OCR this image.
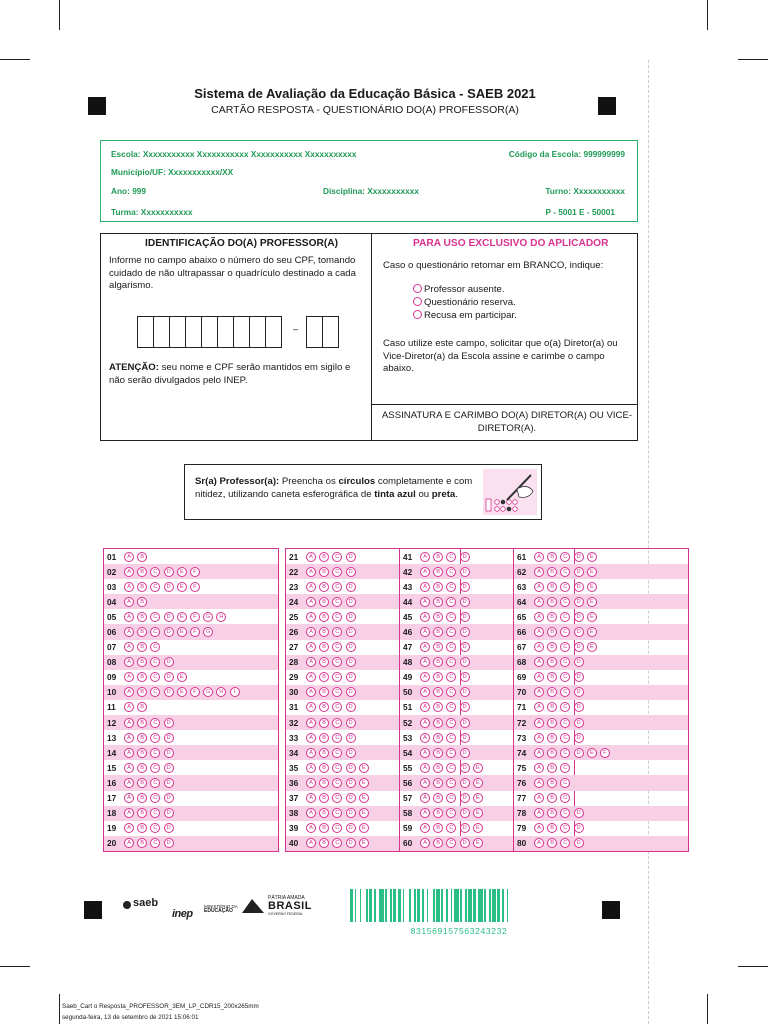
Sistema de Avaliação da Educação Básica - SAEB 2021
CARTÃO RESPOSTA - QUESTIONÁRIO DO(A) PROFESSOR(A)
Escola: Xxxxxxxxxxx Xxxxxxxxxxx Xxxxxxxxxxx Xxxxxxxxxxx	Código da Escola: 999999999
Município/UF: Xxxxxxxxxxx/XX
Ano: 999	Disciplina: Xxxxxxxxxxx	Turno: Xxxxxxxxxxx
Turma: Xxxxxxxxxxx	P - 5001 E - 50001
IDENTIFICAÇÃO DO(A) PROFESSOR(A)
Informe no campo abaixo o número do seu CPF, tomando cuidado de não ultrapassar o quadrículo destinado a cada algarismo.
–
ATENÇÃO: seu nome e CPF serão mantidos em sigilo e não serão divulgados pelo INEP.
PARA USO EXCLUSIVO DO APLICADOR
Caso o questionário retornar em BRANCO, indique:
Professor ausente.
Questionário reserva.
Recusa em participar.
Caso utilize este campo, solicitar que o(a) Diretor(a) ou Vice-Diretor(a) da Escola assine e carimbe o campo abaixo.
ASSINATURA E CARIMBO DO(A) DIRETOR(A) OU VICE-DIRETOR(A).
Sr(a) Professor(a): Preencha os círculos completamente e com nitidez, utilizando caneta esferográfica de tinta azul ou preta.
01	A	B
02	A	B	C	D	E	F
03	A	B	C	D	E	F
04	A	B
05	A	B	C	D	E	F	G	H
06	A	B	C	D	E	F	G
07	A	B	C
08	A	B	C	D
09	A	B	C	D	E
10	A	B	C	D	E	F	G	H	I
11	A	B
12	A	B	C	D
13	A	B	C	D
14	A	B	C	D
15	A	B	C	D
16	A	B	C	D
17	A	B	C	D
18	A	B	C	D
19	A	B	C	D
20	A	B	C	D
21	A	B	C	D
22	A	B	C	D
23	A	B	C	D
24	A	B	C	D
25	A	B	C	D
26	A	B	C	D
27	A	B	C	D
28	A	B	C	D
29	A	B	C	D
30	A	B	C	D
31	A	B	C	D
32	A	B	C	D
33	A	B	C	D
34	A	B	C	D
35	A	B	C	D	E
36	A	B	C	D	E
37	A	B	C	D	E
38	A	B	C	D	E
39	A	B	C	D	E
40	A	B	C	D	E
41	A	B	C	D
42	A	B	C	D
43	A	B	C	D
44	A	B	C	D
45	A	B	C	D
46	A	B	C	D
47	A	B	C	D
48	A	B	C	D
49	A	B	C	D
50	A	B	C	D
51	A	B	C	D
52	A	B	C	D
53	A	B	C	D
54	A	B	C	D
55	A	B	C	D	E
56	A	B	C	D	E
57	A	B	C	D	E
58	A	B	C	D	E
59	A	B	C	D	E
60	A	B	C	D	E
61	A	B	C	D	E
62	A	B	C	D	E
63	A	B	C	D	E
64	A	B	C	D	E
65	A	B	C	D	E
66	A	B	C	D	E
67	A	B	C	D	E
68	A	B	C	D
69	A	B	C	D
70	A	B	C	D
71	A	B	C	D
72	A	B	C	D
73	A	B	C	D
74	A	B	C	D	E	F
75	A	B	C
76	A	B	C
77	A	B	C
78	A	B	C	D
79	A	B	C	D
80	A	B	C	D
saeb
inep
MINISTÉRIO DA
EDUCAÇÃO
PÁTRIA AMADA
BRASIL
GOVERNO FEDERAL
831569157563243232
Saeb_Cart o Resposta_PROFESSOR_3EM_LP_CDR15_200x265mm
segunda-feira, 13 de setembro de 2021 15:06:01
